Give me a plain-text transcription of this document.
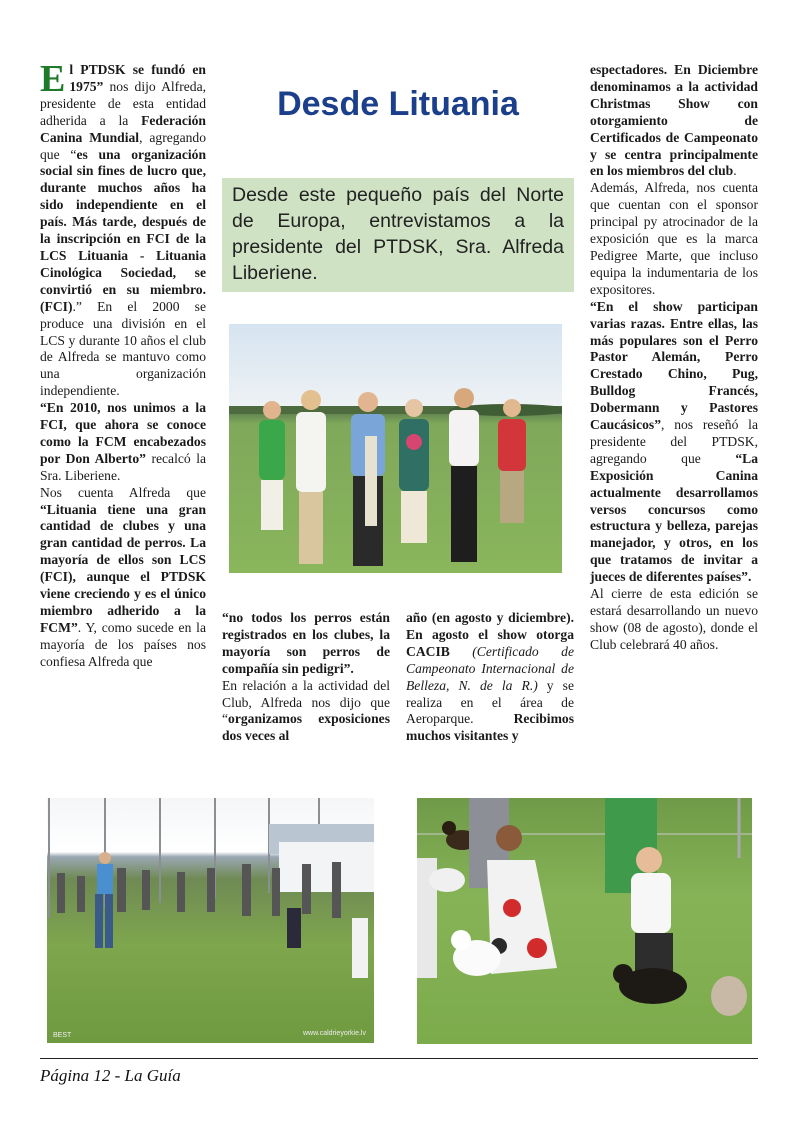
E l PTDSK se fundó en 1975” nos dijo Alfreda, presidente de esta entidad adherida a la Federación Canina Mundial, agregando que “es una organización social sin fines de lucro que, durante muchos años ha sido independiente en el país. Más tarde, después de la inscripción en FCI de la LCS Lituania - Lituania Cinológica Sociedad, se convirtió en su miembro. (FCI).” En el 2000 se produce una división en el LCS y durante 10 años el club de Alfreda se mantuvo como una organización independiente.
“En 2010, nos unimos a la FCI, que ahora se conoce como la FCM encabezados por Don Alberto” recalcó la Sra. Liberiene.
Nos cuenta Alfreda que “Lituania tiene una gran cantidad de clubes y una gran cantidad de perros. La mayoría de ellos son LCS (FCI), aunque el PTDSK viene creciendo y es el único miembro adherido a la FCM”. Y, como sucede en la mayoría de los países nos confiesa Alfreda que

Desde Lituania

Desde este pequeño país del Norte de Europa, entrevistamos a la presidente del PTDSK, Sra. Alfreda Liberiene.

“no todos los perros están registrados en los clubes, la mayoría son perros de compañía sin pedigri”.
En relación a la actividad del Club, Alfreda nos dijo que “organizamos exposiciones dos veces al

año (en agosto y diciembre). En agosto el show otorga CACIB (Certificado de Campeonato Internacional de Belleza, N. de la R.) y se realiza en el área de Aeroparque. Recibimos muchos visitantes y

espectadores. En Diciembre denominamos a la actividad Christmas Show con otorgamiento de Certificados de Campeonato y se centra principalmente en los miembros del club.
Además, Alfreda, nos cuenta que cuentan con el sponsor principal py atrocinador de la exposición que es la marca Pedigree Marte, que incluso equipa la indumentaria de los expositores.
“En el show participan varias razas. Entre ellas, las más populares son el Perro Pastor Alemán, Perro Crestado Chino, Pug, Bulldog Francés, Dobermann y Pastores Caucásicos”, nos reseñó la presidente del PTDSK, agregando que “La Exposición Canina actualmente desarrollamos versos concursos como estructura y belleza, parejas manejador, y otros, en los que tratamos de invitar a jueces de diferentes países”.
Al cierre de esta edición se estará desarrollando un nuevo show (08 de agosto), donde el Club celebrará 40 años.

BEST	www.caldrieyorkie.lv
Página 12 - La Guía
